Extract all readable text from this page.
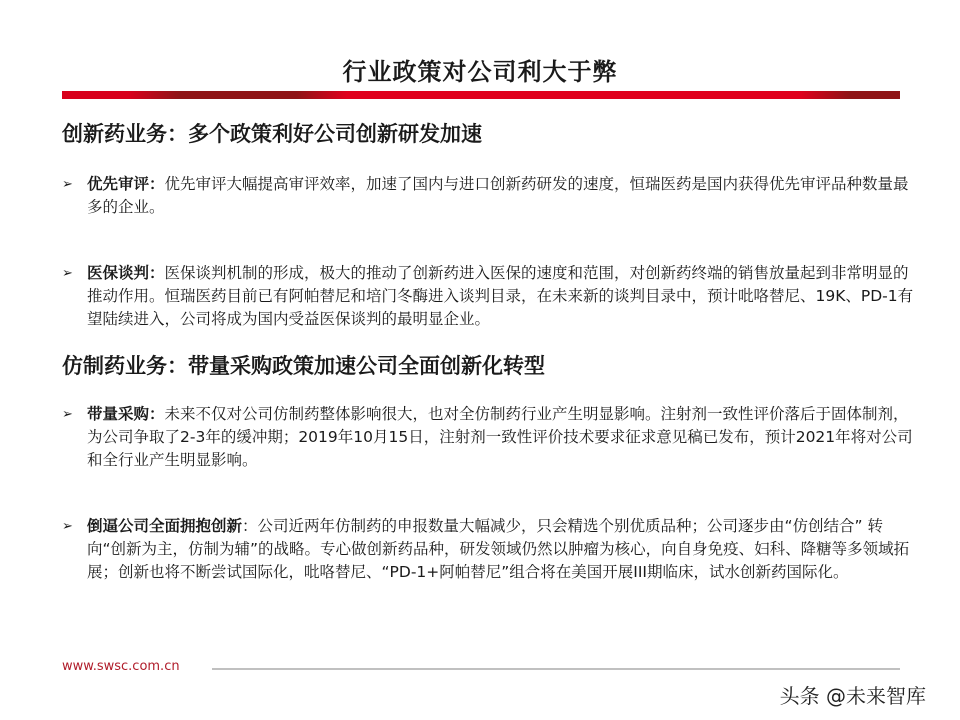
行业政策对公司利大于弊
创新药业务：多个政策利好公司创新研发加速
➢ 优先审评：优先审评大幅提高审评效率，加速了国内与进口创新药研发的速度，恒瑞医药是国内获得优先审评品种数量最多的企业。
➢ 医保谈判：医保谈判机制的形成，极大的推动了创新药进入医保的速度和范围，对创新药终端的销售放量起到非常明显的推动作用。恒瑞医药目前已有阿帕替尼和培门冬酶进入谈判目录，在未来新的谈判目录中，预计吡咯替尼、19K、PD-1有望陆续进入，公司将成为国内受益医保谈判的最明显企业。
仿制药业务：带量采购政策加速公司全面创新化转型
➢ 带量采购：未来不仅对公司仿制药整体影响很大，也对全仿制药行业产生明显影响。注射剂一致性评价落后于固体制剂，为公司争取了2-3年的缓冲期；2019年10月15日，注射剂一致性评价技术要求征求意见稿已发布，预计2021年将对公司和全行业产生明显影响。
➢ 倒逼公司全面拥抱创新：公司近两年仿制药的申报数量大幅减少，只会精选个别优质品种；公司逐步由“仿创结合” 转向“创新为主，仿制为辅”的战略。专心做创新药品种，研发领域仍然以肿瘤为核心，向自身免疫、妇科、降糖等多领域拓展；创新也将不断尝试国际化，吡咯替尼、“PD-1+阿帕替尼”组合将在美国开展III期临床，试水创新药国际化。
www.swsc.com.cn
头条 @未来智库
